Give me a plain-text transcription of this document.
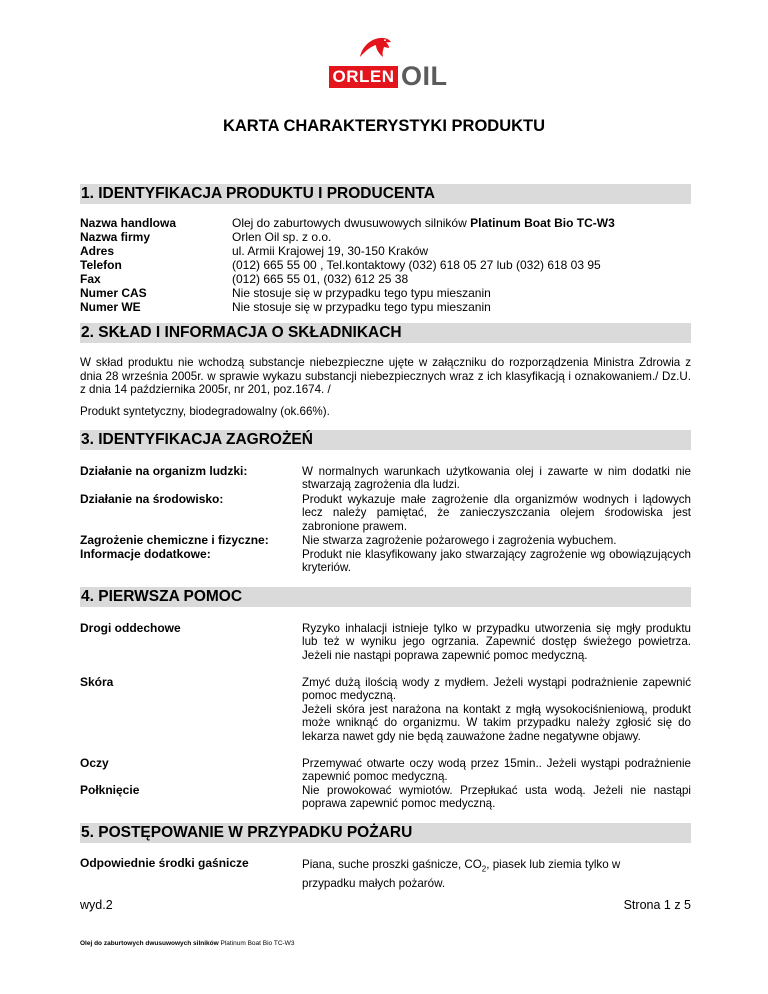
ORLEN OIL
KARTA CHARAKTERYSTYKI PRODUKTU
1. IDENTYFIKACJA PRODUKTU I PRODUCENTA
Nazwa handlowa	Olej do zaburtowych dwusuwowych silników Platinum Boat Bio TC-W3
Nazwa firmy	Orlen Oil sp. z o.o.
Adres	ul. Armii Krajowej 19, 30-150 Kraków
Telefon	(012) 665 55 00 , Tel.kontaktowy (032) 618 05 27 lub (032) 618 03 95
Fax	(012) 665 55 01, (032) 612 25 38
Numer CAS	Nie stosuje się w przypadku tego typu mieszanin
Numer WE	Nie stosuje się w przypadku tego typu mieszanin
2. SKŁAD I INFORMACJA O SKŁADNIKACH
W skład produktu nie wchodzą substancje niebezpieczne ujęte w załączniku do rozporządzenia Ministra Zdrowia z dnia 28 września 2005r. w sprawie wykazu substancji niebezpiecznych wraz z ich klasyfikacją i oznakowaniem./ Dz.U. z dnia 14 października 2005r, nr 201, poz.1674. /
Produkt syntetyczny, biodegradowalny (ok.66%).
3. IDENTYFIKACJA ZAGROŻEŃ
Działanie na organizm ludzki:	W normalnych warunkach użytkowania olej i zawarte w nim dodatki nie stwarzają zagrożenia dla ludzi.
Działanie na środowisko:	Produkt wykazuje małe zagrożenie dla organizmów wodnych i lądowych lecz należy pamiętać, że zanieczyszczania olejem środowiska jest zabronione prawem.
Zagrożenie chemiczne i fizyczne:	Nie stwarza zagrożenie pożarowego i zagrożenia wybuchem.
Informacje dodatkowe:	Produkt nie klasyfikowany jako stwarzający zagrożenie wg obowiązujących kryteriów.
4. PIERWSZA POMOC
Drogi oddechowe	Ryzyko inhalacji istnieje tylko w przypadku utworzenia się mgły produktu lub też w wyniku jego ogrzania. Zapewnić dostęp świeżego powietrza. Jeżeli nie nastąpi poprawa zapewnić pomoc medyczną.
Skóra	Zmyć dużą ilością wody z mydłem. Jeżeli wystąpi podrażnienie zapewnić pomoc medyczną.
Jeżeli skóra jest narażona na kontakt z mgłą wysokociśnieniową, produkt może wniknąć do organizmu. W takim przypadku należy zgłosić się do lekarza nawet gdy nie będą zauważone żadne negatywne objawy.
Oczy	Przemywać otwarte oczy wodą przez 15min.. Jeżeli wystąpi podrażnienie zapewnić pomoc medyczną.
Połknięcie	Nie prowokować wymiotów. Przepłukać usta wodą. Jeżeli nie nastąpi poprawa zapewnić pomoc medyczną.
5. POSTĘPOWANIE W PRZYPADKU POŻARU
Odpowiednie środki gaśnicze	Piana, suche proszki gaśnicze, $CO_2$, piasek lub ziemia tylko w przypadku małych pożarów.
wyd.2	Strona 1 z 5
Olej do zaburtowych dwusuwowych silników Platinum Boat Bio TC-W3
